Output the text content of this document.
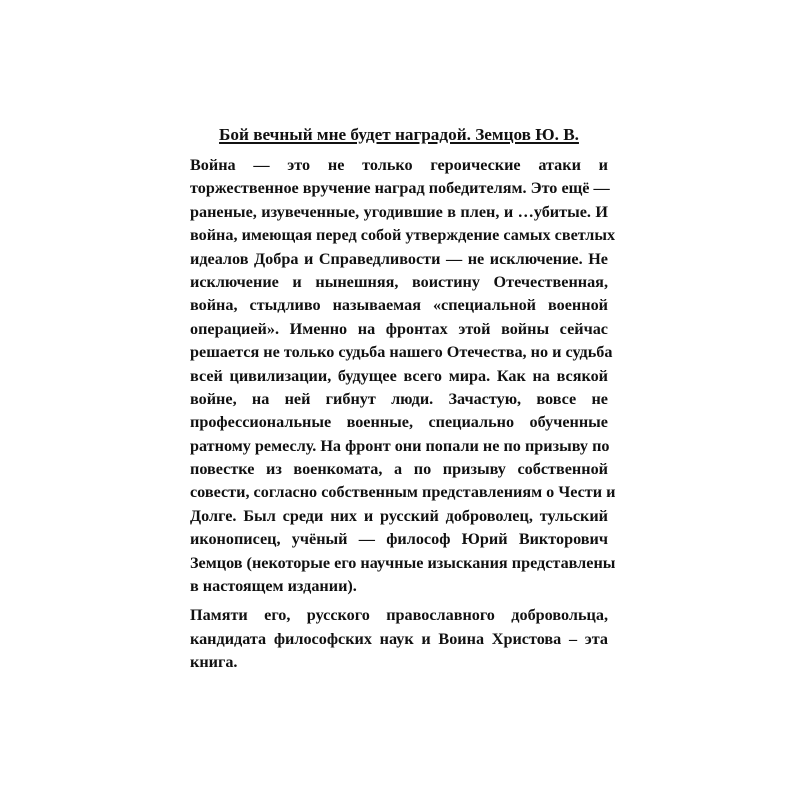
Бой вечный мне будет наградой. Земцов Ю. В.
Война — это не только героические атаки и
торжественное вручение наград победителям. Это ещё —
раненые, изувеченные, угодившие в плен, и …убитые. И
война, имеющая перед собой утверждение самых светлых
идеалов Добра и Справедливости — не исключение. Не
исключение и нынешняя, воистину Отечественная,
война, стыдливо называемая «специальной военной
операцией». Именно на фронтах этой войны сейчас
решается не только судьба нашего Отечества, но и судьба
всей цивилизации, будущее всего мира. Как на всякой
войне, на ней гибнут люди. Зачастую, вовсе не
профессиональные военные, специально обученные
ратному ремеслу. На фронт они попали не по призыву по
повестке из военкомата, а по призыву собственной
совести, согласно собственным представлениям о Чести и
Долге. Был среди них и русский доброволец, тульский
иконописец, учёный — философ Юрий Викторович
Земцов (некоторые его научные изыскания представлены
в настоящем издании).
Памяти его, русского православного добровольца,
кандидата философских наук и Воина Христова – эта
книга.
